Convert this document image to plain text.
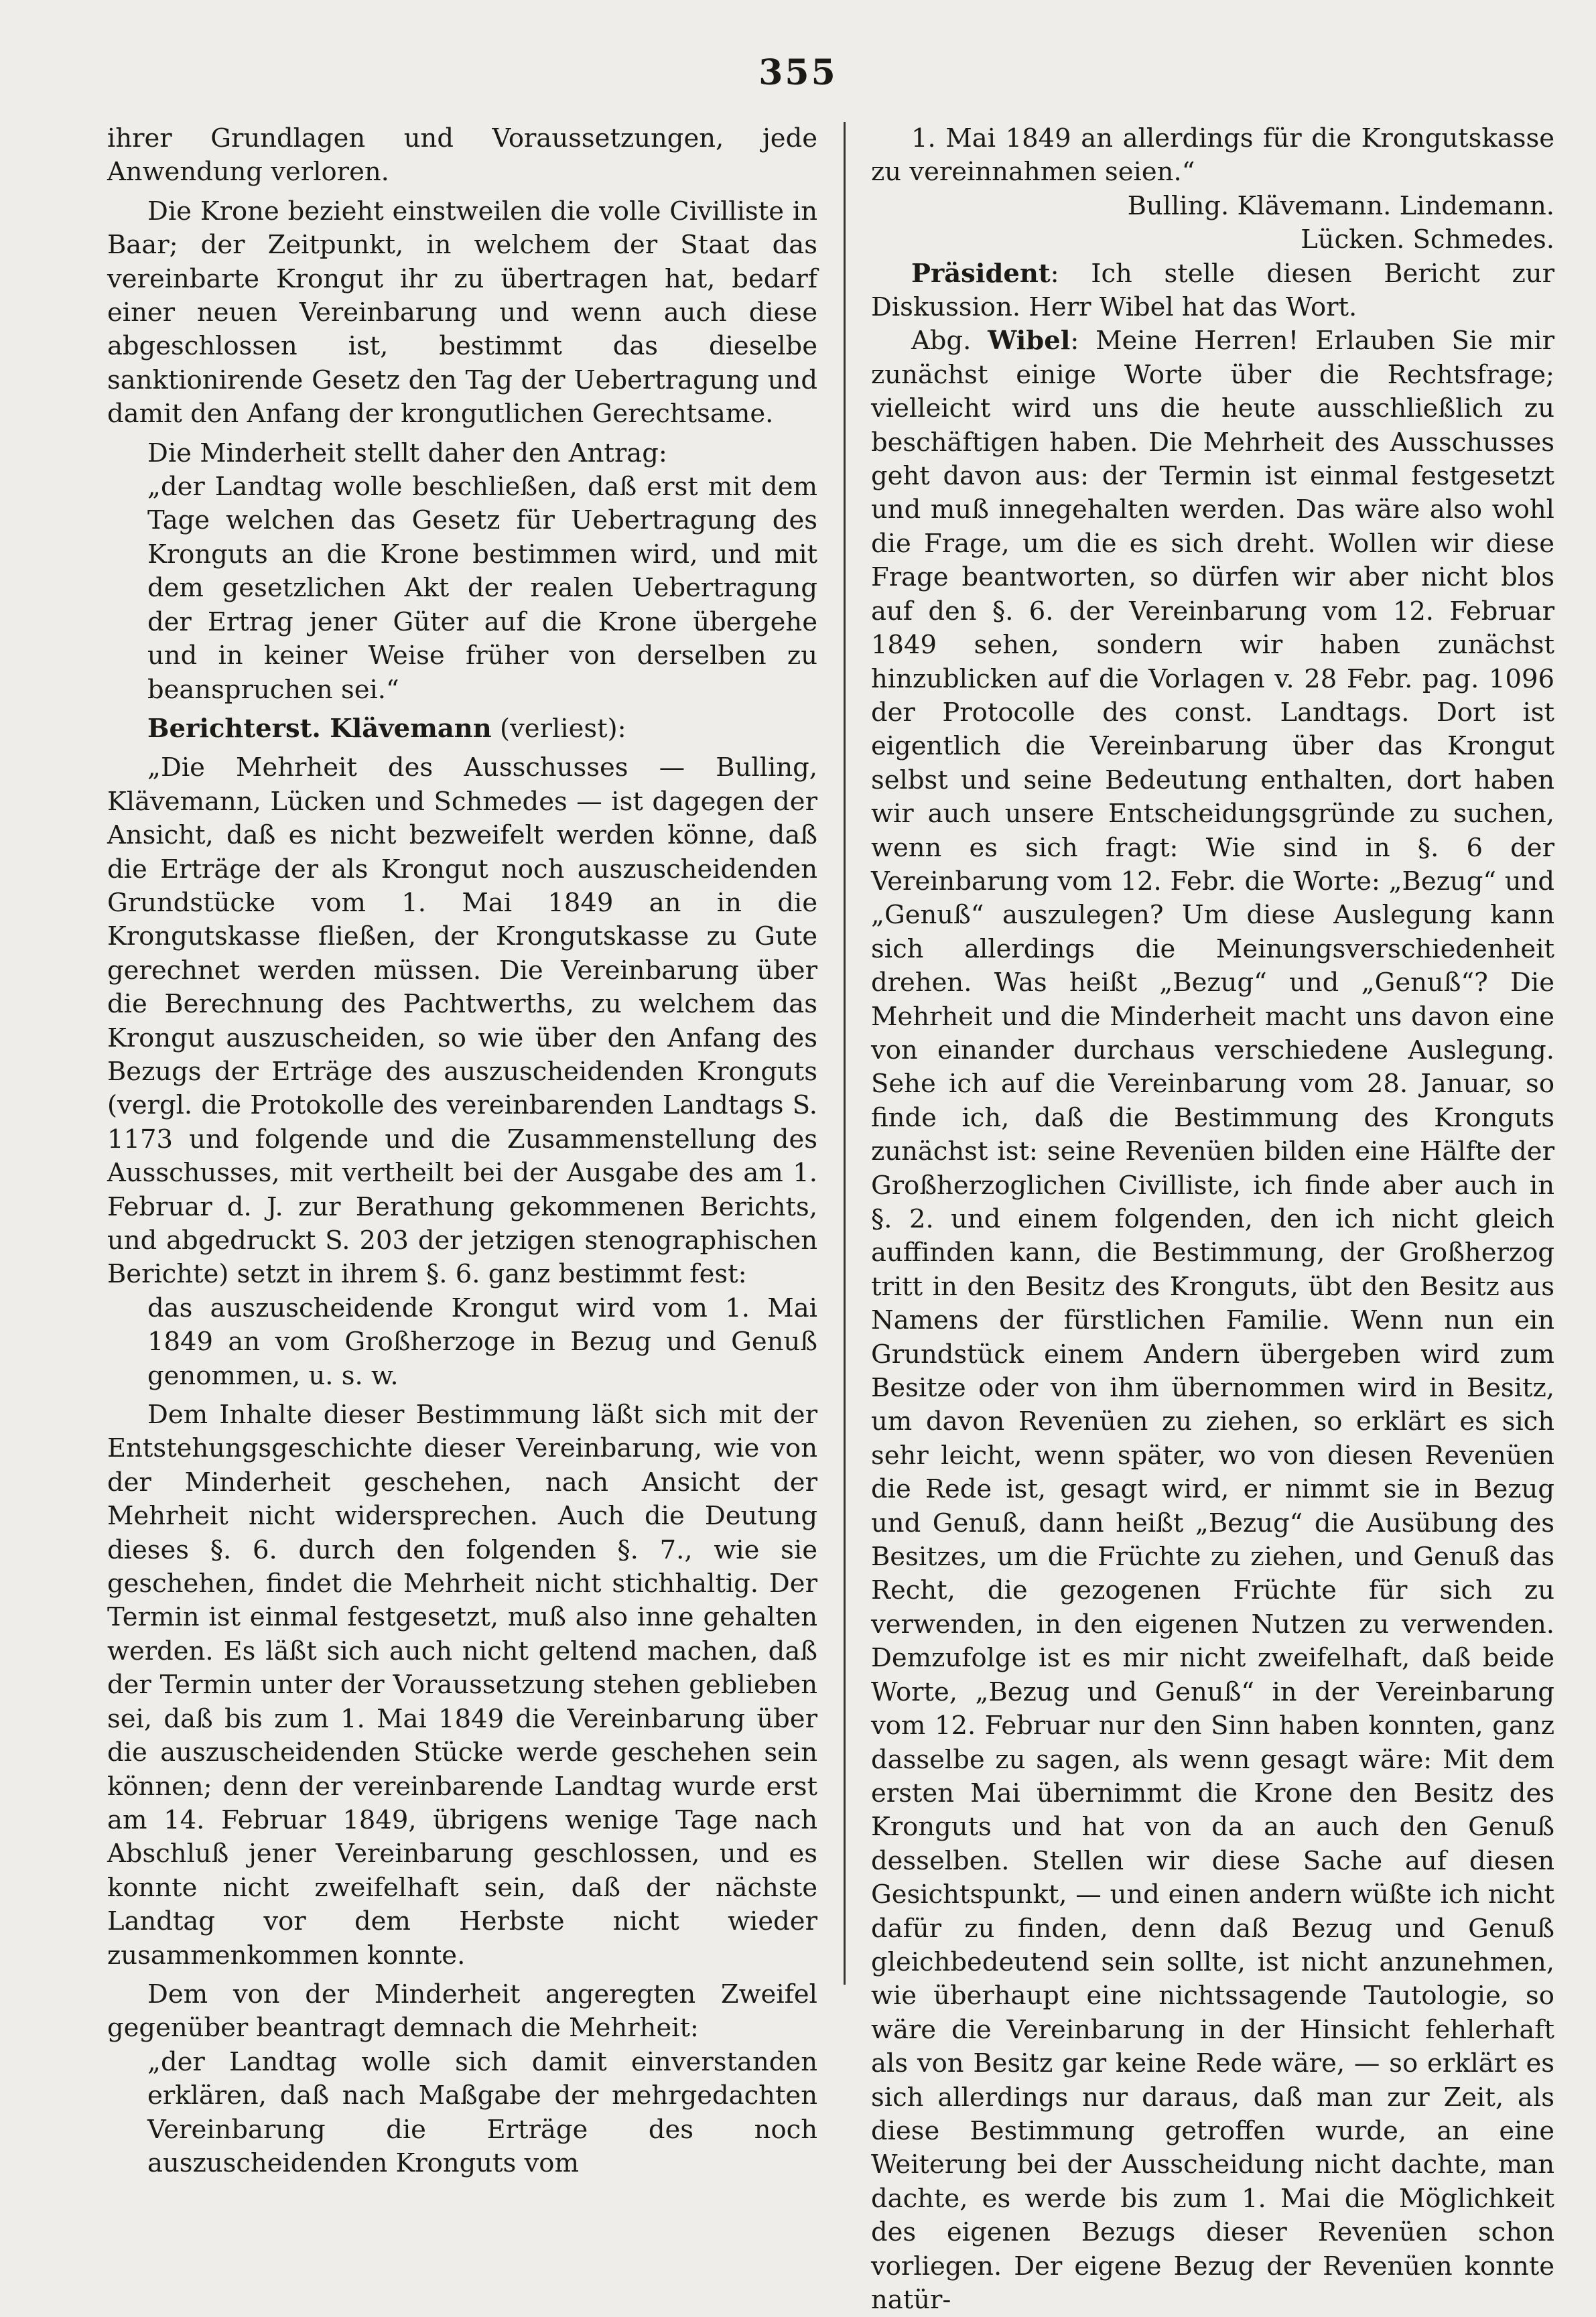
355

ihrer Grundlagen und Voraussetzungen, jede Anwendung verloren.

Die Krone bezieht einstweilen die volle Civilliste in Baar; der Zeitpunkt, in welchem der Staat das vereinbarte Krongut ihr zu übertragen hat, bedarf einer neuen Vereinbarung und wenn auch diese abgeschlossen ist, bestimmt das dieselbe sanktionirende Gesetz den Tag der Uebertragung und damit den Anfang der krongutlichen Gerechtsame.

Die Minderheit stellt daher den Antrag:

„der Landtag wolle beschließen, daß erst mit dem Tage welchen das Gesetz für Uebertragung des Kronguts an die Krone bestimmen wird, und mit dem gesetzlichen Akt der realen Uebertragung der Ertrag jener Güter auf die Krone übergehe und in keiner Weise früher von derselben zu beanspruchen sei.“

Berichterst. Klävemann (verliest):

„Die Mehrheit des Ausschusses — Bulling, Klävemann, Lücken und Schmedes — ist dagegen der Ansicht, daß es nicht bezweifelt werden könne, daß die Erträge der als Krongut noch auszuscheidenden Grundstücke vom 1. Mai 1849 an in die Krongutskasse fließen, der Krongutskasse zu Gute gerechnet werden müssen. Die Vereinbarung über die Berechnung des Pachtwerths, zu welchem das Krongut auszuscheiden, so wie über den Anfang des Bezugs der Erträge des auszuscheidenden Kronguts (vergl. die Protokolle des vereinbarenden Landtags S. 1173 und folgende und die Zusammenstellung des Ausschusses, mit vertheilt bei der Ausgabe des am 1. Februar d. J. zur Berathung gekommenen Berichts, und abgedruckt S. 203 der jetzigen stenographischen Berichte) setzt in ihrem §. 6. ganz bestimmt fest:

das auszuscheidende Krongut wird vom 1. Mai 1849 an vom Großherzoge in Bezug und Genuß genommen, u. s. w.

Dem Inhalte dieser Bestimmung läßt sich mit der Entstehungsgeschichte dieser Vereinbarung, wie von der Minderheit geschehen, nach Ansicht der Mehrheit nicht widersprechen. Auch die Deutung dieses §. 6. durch den folgenden §. 7., wie sie geschehen, findet die Mehrheit nicht stichhaltig. Der Termin ist einmal festgesetzt, muß also inne gehalten werden. Es läßt sich auch nicht geltend machen, daß der Termin unter der Voraussetzung stehen geblieben sei, daß bis zum 1. Mai 1849 die Vereinbarung über die auszuscheidenden Stücke werde geschehen sein können; denn der vereinbarende Landtag wurde erst am 14. Februar 1849, übrigens wenige Tage nach Abschluß jener Vereinbarung geschlossen, und es konnte nicht zweifelhaft sein, daß der nächste Landtag vor dem Herbste nicht wieder zusammenkommen konnte.

Dem von der Minderheit angeregten Zweifel gegenüber beantragt demnach die Mehrheit:

„der Landtag wolle sich damit einverstanden erklären, daß nach Maßgabe der mehrgedachten Vereinbarung die Erträge des noch auszuscheidenden Kronguts vom

1. Mai 1849 an allerdings für die Krongutskasse zu vereinnahmen seien.“

Bulling. Klävemann. Lindemann.

Lücken. Schmedes.

Präsident: Ich stelle diesen Bericht zur Diskussion. Herr Wibel hat das Wort.

Abg. Wibel: Meine Herren! Erlauben Sie mir zunächst einige Worte über die Rechtsfrage; vielleicht wird uns die heute ausschließlich zu beschäftigen haben. Die Mehrheit des Ausschusses geht davon aus: der Termin ist einmal festgesetzt und muß innegehalten werden. Das wäre also wohl die Frage, um die es sich dreht. Wollen wir diese Frage beantworten, so dürfen wir aber nicht blos auf den §. 6. der Vereinbarung vom 12. Februar 1849 sehen, sondern wir haben zunächst hinzublicken auf die Vorlagen v. 28 Febr. pag. 1096 der Protocolle des const. Landtags. Dort ist eigentlich die Vereinbarung über das Krongut selbst und seine Bedeutung enthalten, dort haben wir auch unsere Entscheidungsgründe zu suchen, wenn es sich fragt: Wie sind in §. 6 der Vereinbarung vom 12. Febr. die Worte: „Bezug“ und „Genuß“ auszulegen? Um diese Auslegung kann sich allerdings die Meinungsverschiedenheit drehen. Was heißt „Bezug“ und „Genuß“? Die Mehrheit und die Minderheit macht uns davon eine von einander durchaus verschiedene Auslegung. Sehe ich auf die Vereinbarung vom 28. Januar, so finde ich, daß die Bestimmung des Kronguts zunächst ist: seine Revenüen bilden eine Hälfte der Großherzoglichen Civilliste, ich finde aber auch in §. 2. und einem folgenden, den ich nicht gleich auffinden kann, die Bestimmung, der Großherzog tritt in den Besitz des Kronguts, übt den Besitz aus Namens der fürstlichen Familie. Wenn nun ein Grundstück einem Andern übergeben wird zum Besitze oder von ihm übernommen wird in Besitz, um davon Revenüen zu ziehen, so erklärt es sich sehr leicht, wenn später, wo von diesen Revenüen die Rede ist, gesagt wird, er nimmt sie in Bezug und Genuß, dann heißt „Bezug“ die Ausübung des Besitzes, um die Früchte zu ziehen, und Genuß das Recht, die gezogenen Früchte für sich zu verwenden, in den eigenen Nutzen zu verwenden. Demzufolge ist es mir nicht zweifelhaft, daß beide Worte, „Bezug und Genuß“ in der Vereinbarung vom 12. Februar nur den Sinn haben konnten, ganz dasselbe zu sagen, als wenn gesagt wäre: Mit dem ersten Mai übernimmt die Krone den Besitz des Kronguts und hat von da an auch den Genuß desselben. Stellen wir diese Sache auf diesen Gesichtspunkt, — und einen andern wüßte ich nicht dafür zu finden, denn daß Bezug und Genuß gleichbedeutend sein sollte, ist nicht anzunehmen, wie überhaupt eine nichtssagende Tautologie, so wäre die Vereinbarung in der Hinsicht fehlerhaft als von Besitz gar keine Rede wäre, — so erklärt es sich allerdings nur daraus, daß man zur Zeit, als diese Bestimmung getroffen wurde, an eine Weiterung bei der Ausscheidung nicht dachte, man dachte, es werde bis zum 1. Mai die Möglichkeit des eigenen Bezugs dieser Revenüen schon vorliegen. Der eigene Bezug der Revenüen konnte natür-
